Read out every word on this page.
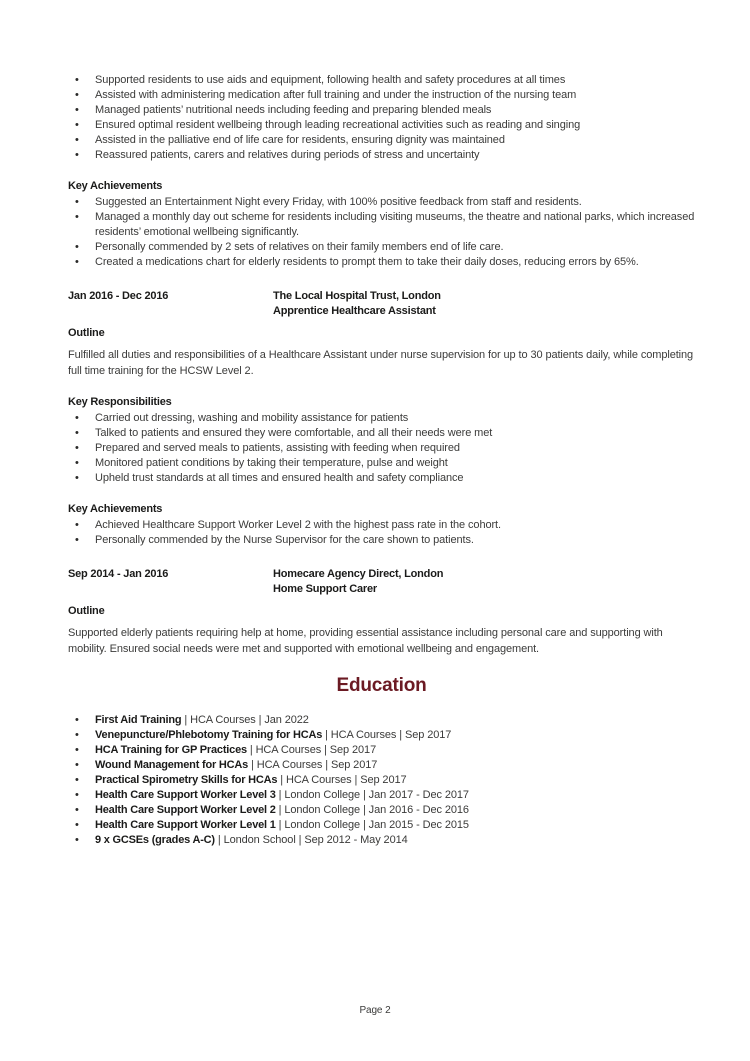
• Supported residents to use aids and equipment, following health and safety procedures at all times
• Assisted with administering medication after full training and under the instruction of the nursing team
• Managed patients’ nutritional needs including feeding and preparing blended meals
• Ensured optimal resident wellbeing through leading recreational activities such as reading and singing
• Assisted in the palliative end of life care for residents, ensuring dignity was maintained
• Reassured patients, carers and relatives during periods of stress and uncertainty
Key Achievements
• Suggested an Entertainment Night every Friday, with 100% positive feedback from staff and residents.
• Managed a monthly day out scheme for residents including visiting museums, the theatre and national parks, which increased residents’ emotional wellbeing significantly.
• Personally commended by 2 sets of relatives on their family members end of life care.
• Created a medications chart for elderly residents to prompt them to take their daily doses, reducing errors by 65%.
Jan 2016 - Dec 2016	The Local Hospital Trust, London
Apprentice Healthcare Assistant
Outline

Fulfilled all duties and responsibilities of a Healthcare Assistant under nurse supervision for up to 30 patients daily, while completing full time training for the HCSW Level 2.

Key Responsibilities
• Carried out dressing, washing and mobility assistance for patients
• Talked to patients and ensured they were comfortable, and all their needs were met
• Prepared and served meals to patients, assisting with feeding when required
• Monitored patient conditions by taking their temperature, pulse and weight
• Upheld trust standards at all times and ensured health and safety compliance
Key Achievements
• Achieved Healthcare Support Worker Level 2 with the highest pass rate in the cohort.
• Personally commended by the Nurse Supervisor for the care shown to patients.
Sep 2014 - Jan 2016	Homecare Agency Direct, London
Home Support Carer
Outline

Supported elderly patients requiring help at home, providing essential assistance including personal care and supporting with mobility. Ensured social needs were met and supported with emotional wellbeing and engagement.

Education
• First Aid Training | HCA Courses | Jan 2022
• Venepuncture/Phlebotomy Training for HCAs | HCA Courses | Sep 2017
• HCA Training for GP Practices | HCA Courses | Sep 2017
• Wound Management for HCAs | HCA Courses | Sep 2017
• Practical Spirometry Skills for HCAs | HCA Courses | Sep 2017
• Health Care Support Worker Level 3 | London College | Jan 2017 - Dec 2017
• Health Care Support Worker Level 2 | London College | Jan 2016 - Dec 2016
• Health Care Support Worker Level 1 | London College | Jan 2015 - Dec 2015
• 9 x GCSEs (grades A-C) | London School | Sep 2012 - May 2014
Page 2
